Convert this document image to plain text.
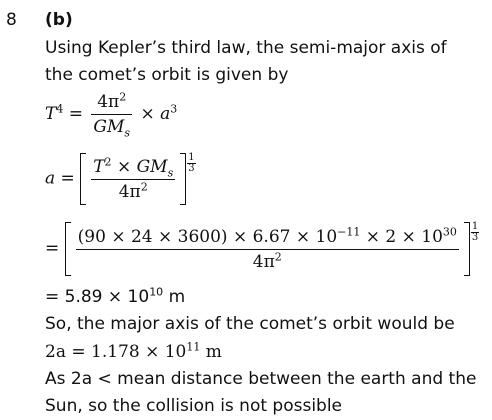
8 (b)
Using Kepler’s third law, the semi-major axis of
the comet’s orbit is given by
$T^4 = \frac{4\pi^2}{GM_s} \times a^3$
$a = \frac{T^2 \times GM_s}{4\pi^2} \frac{1}{3}$
= $\frac{(90 \times 24 \times 3600) \times 6.67 \times 10^{-11} \times 2 \times 10^{30}}{4\pi^2} \frac{1}{3}$
= $5.89 \times 10^{10}$ m
So, the major axis of the comet’s orbit would be
$2a = 1.178 \times 10^{11}$ m
As 2a < mean distance between the earth and the
Sun, so the collision is not possible
